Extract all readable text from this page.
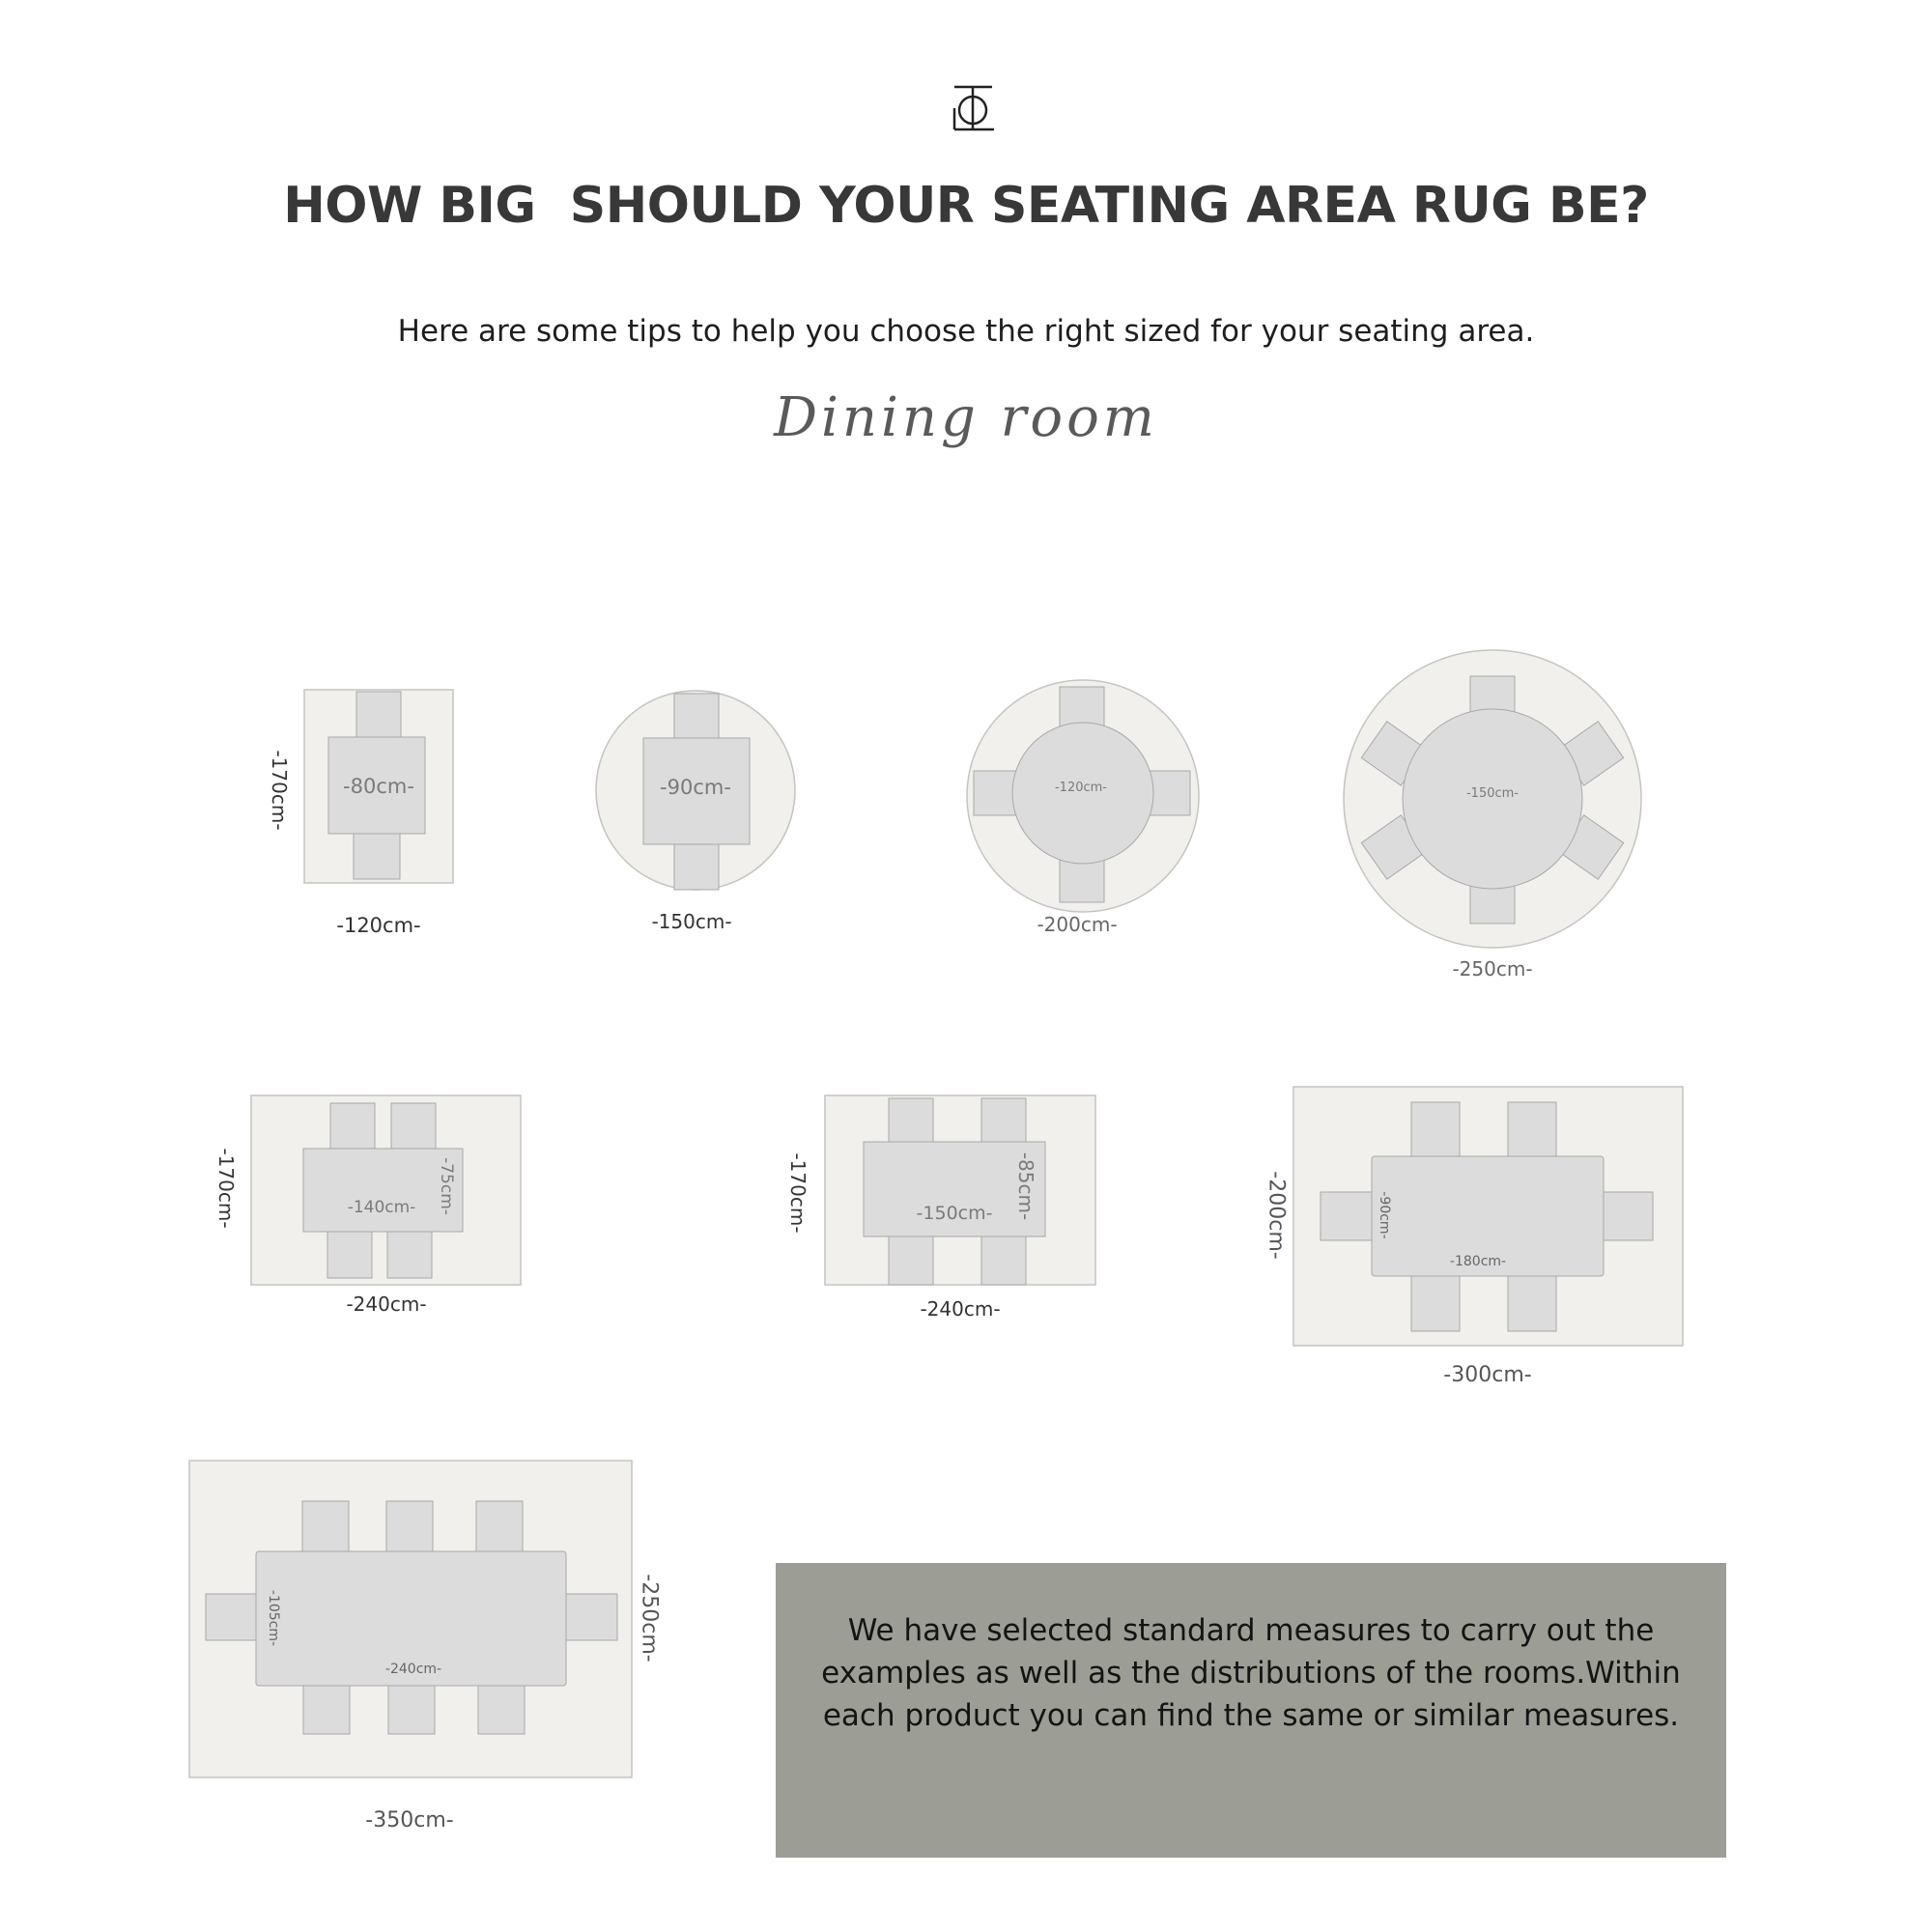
HOW BIG  SHOULD YOUR SEATING AREA RUG BE?
Here are some tips to help you choose the right sized for your seating area.
Dining room
-80cm-
-170cm-
-120cm-
-90cm-
-150cm-
-120cm-
-200cm-
-150cm-
-250cm-
-140cm- -75cm-
-170cm-
-240cm-
-150cm- -85cm-
-170cm-
-240cm-
-180cm-
-90cm-
-200cm-
-300cm-
-240cm-
-105cm-	-250cm-
-350cm-
We have selected standard measures to carry out the
examples as well as the distributions of the rooms.Within
each product you can find the same or similar measures.
